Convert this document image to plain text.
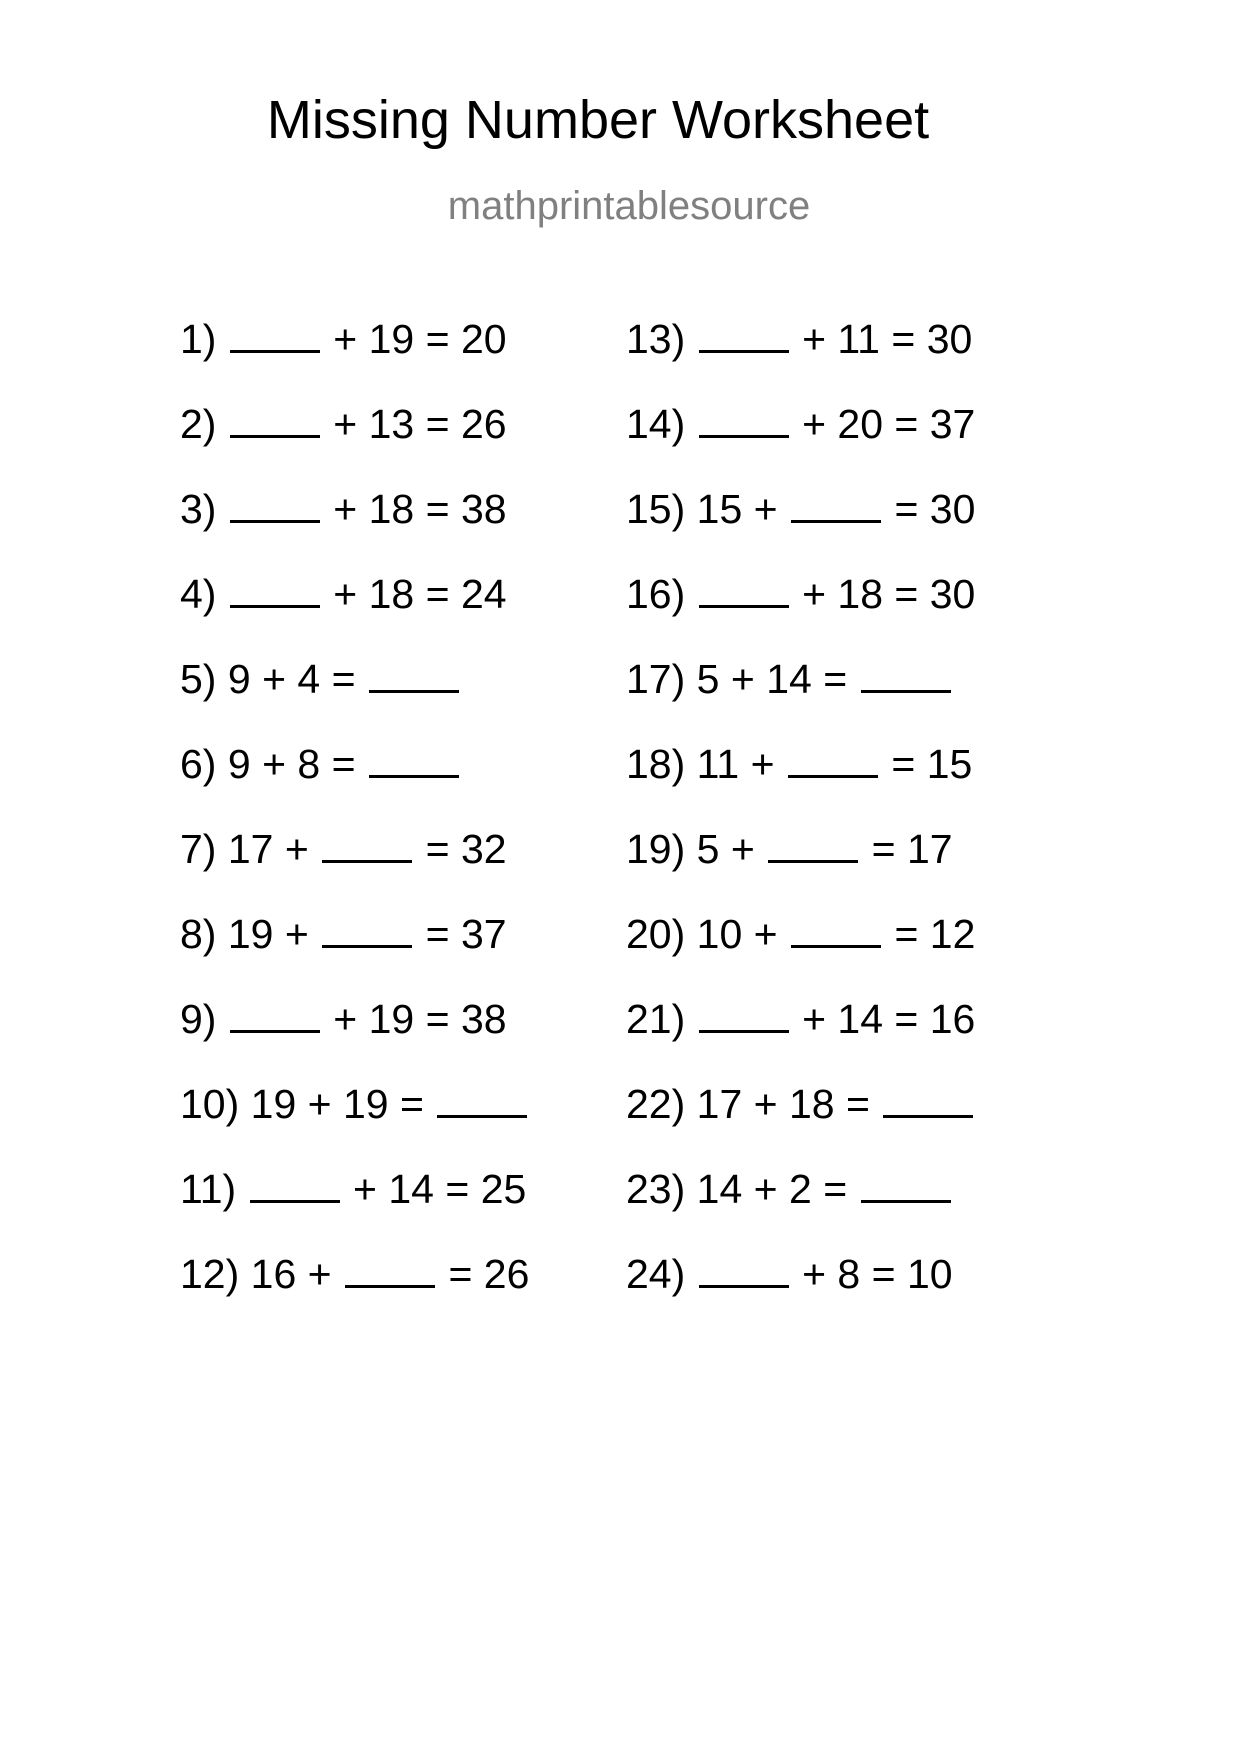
Missing Number Worksheet
mathprintablesource
1)	+ 19 = 20
2)	+ 13 = 26
3)	+ 18 = 38
4)	+ 18 = 24
5) 9 + 4 =
6) 9 + 8 =
7) 17 +	= 32
8) 19 +	= 37
9)	+ 19 = 38
10) 19 + 19 =
11)	+ 14 = 25
12) 16 +	= 26
13)	+ 11 = 30
14)	+ 20 = 37
15) 15 +	= 30
16)	+ 18 = 30
17) 5 + 14 =
18) 11 +	= 15
19) 5 +	= 17
20) 10 +	= 12
21)	+ 14 = 16
22) 17 + 18 =
23) 14 + 2 =
24)	+ 8 = 10
